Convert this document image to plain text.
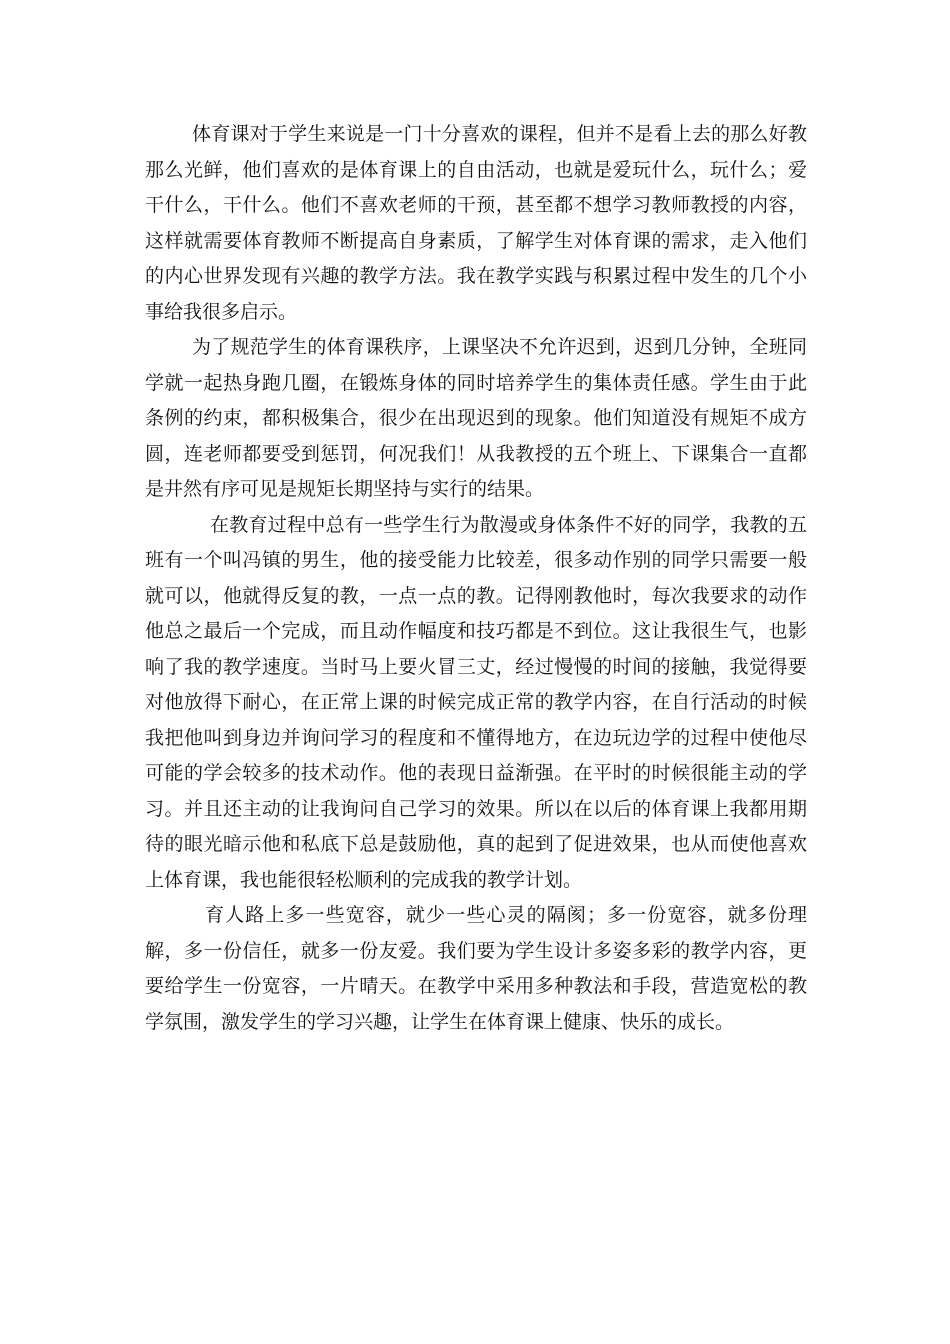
体育课对于学生来说是一门十分喜欢的课程，但并不是看上去的那么好教那么光鲜，他们喜欢的是体育课上的自由活动，也就是爱玩什么，玩什么；爱干什么，干什么。他们不喜欢老师的干预，甚至都不想学习教师教授的内容，这样就需要体育教师不断提高自身素质，了解学生对体育课的需求，走入他们的内心世界发现有兴趣的教学方法。我在教学实践与积累过程中发生的几个小事给我很多启示。

为了规范学生的体育课秩序，上课坚决不允许迟到，迟到几分钟，全班同学就一起热身跑几圈，在锻炼身体的同时培养学生的集体责任感。学生由于此条例的约束，都积极集合，很少在出现迟到的现象。他们知道没有规矩不成方圆，连老师都要受到惩罚，何况我们！从我教授的五个班上、下课集合一直都是井然有序可见是规矩长期坚持与实行的结果。

在教育过程中总有一些学生行为散漫或身体条件不好的同学，我教的五班有一个叫冯镇的男生，他的接受能力比较差，很多动作别的同学只需要一般就可以，他就得反复的教，一点一点的教。记得刚教他时，每次我要求的动作他总之最后一个完成，而且动作幅度和技巧都是不到位。这让我很生气，也影响了我的教学速度。当时马上要火冒三丈，经过慢慢的时间的接触，我觉得要对他放得下耐心，在正常上课的时候完成正常的教学内容，在自行活动的时候我把他叫到身边并询问学习的程度和不懂得地方，在边玩边学的过程中使他尽可能的学会较多的技术动作。他的表现日益渐强。在平时的时候很能主动的学习。并且还主动的让我询问自己学习的效果。所以在以后的体育课上我都用期待的眼光暗示他和私底下总是鼓励他，真的起到了促进效果，也从而使他喜欢上体育课，我也能很轻松顺利的完成我的教学计划。

育人路上多一些宽容，就少一些心灵的隔阂；多一份宽容，就多份理解，多一份信任，就多一份友爱。我们要为学生设计多姿多彩的教学内容，更要给学生一份宽容，一片晴天。在教学中采用多种教法和手段，营造宽松的教学氛围，激发学生的学习兴趣，让学生在体育课上健康、快乐的成长。
